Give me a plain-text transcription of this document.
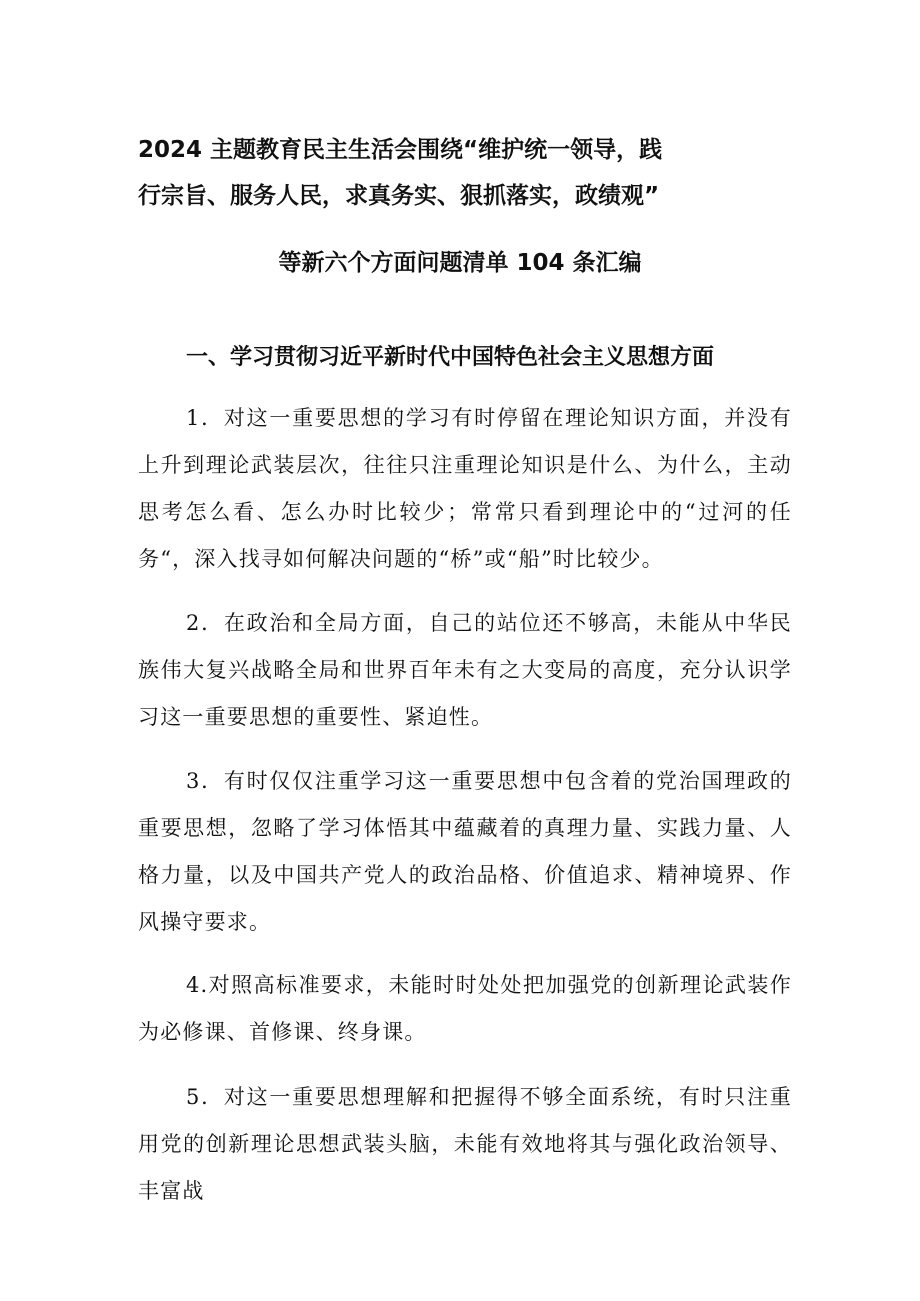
2024 主题教育民主生活会围绕“维护统一领导，践
行宗旨、服务人民，求真务实、狠抓落实，政绩观”
等新六个方面问题清单 104 条汇编
一、学习贯彻习近平新时代中国特色社会主义思想方面

1．对这一重要思想的学习有时停留在理论知识方面，并没有上升到理论武装层次，往往只注重理论知识是什么、为什么，主动思考怎么看、怎么办时比较少；常常只看到理论中的“过河的任务“，深入找寻如何解决问题的“桥”或“船”时比较少。

2．在政治和全局方面，自己的站位还不够高，未能从中华民族伟大复兴战略全局和世界百年未有之大变局的高度，充分认识学习这一重要思想的重要性、紧迫性。

3．有时仅仅注重学习这一重要思想中包含着的党治国理政的重要思想，忽略了学习体悟其中蕴藏着的真理力量、实践力量、人格力量，以及中国共产党人的政治品格、价值追求、精神境界、作风操守要求。

4.对照高标准要求，未能时时处处把加强党的创新理论武装作为必修课、首修课、终身课。

5．对这一重要思想理解和把握得不够全面系统，有时只注重用党的创新理论思想武装头脑，未能有效地将其与强化政治领导、丰富战
